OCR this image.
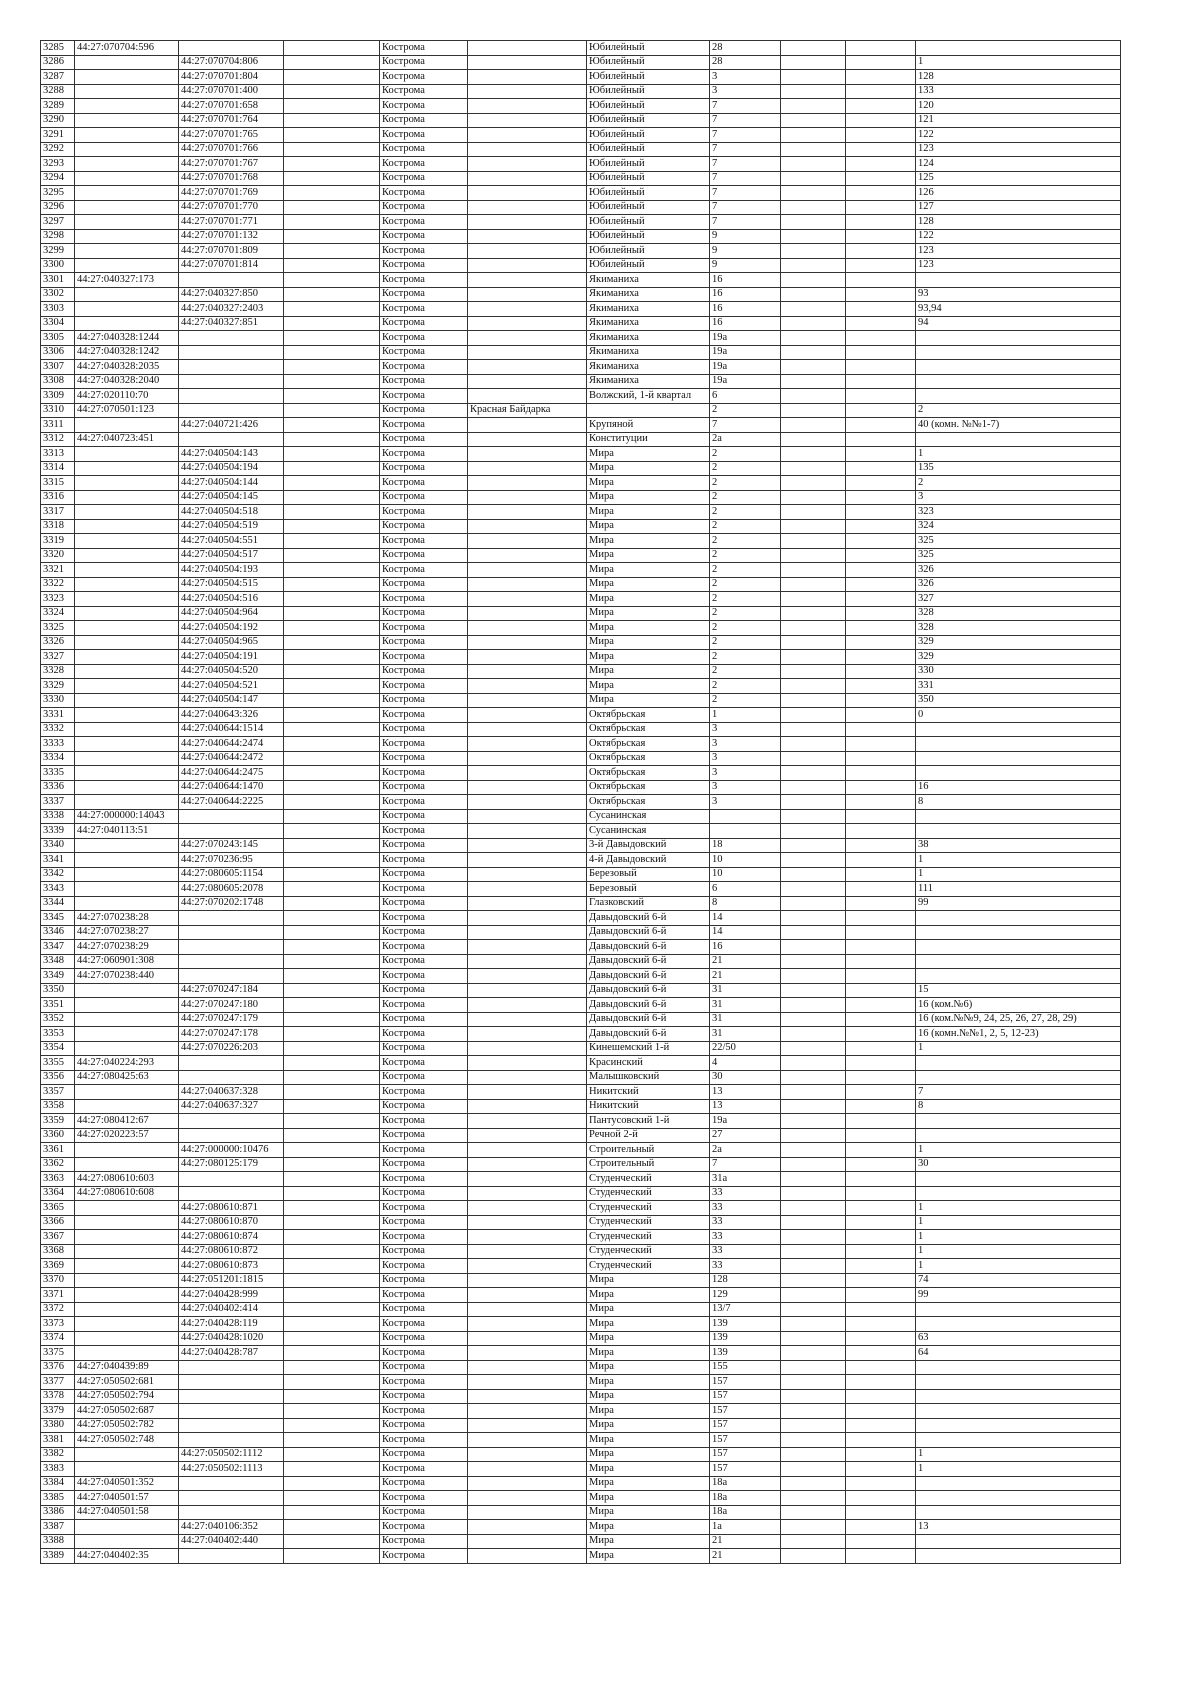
3285	44:27:070704:596			Кострома		Юбилейный	28			
3286		44:27:070704:806		Кострома		Юбилейный	28			1
3287		44:27:070701:804		Кострома		Юбилейный	3			128
3288		44:27:070701:400		Кострома		Юбилейный	3			133
3289		44:27:070701:658		Кострома		Юбилейный	7			120
3290		44:27:070701:764		Кострома		Юбилейный	7			121
3291		44:27:070701:765		Кострома		Юбилейный	7			122
3292		44:27:070701:766		Кострома		Юбилейный	7			123
3293		44:27:070701:767		Кострома		Юбилейный	7			124
3294		44:27:070701:768		Кострома		Юбилейный	7			125
3295		44:27:070701:769		Кострома		Юбилейный	7			126
3296		44:27:070701:770		Кострома		Юбилейный	7			127
3297		44:27:070701:771		Кострома		Юбилейный	7			128
3298		44:27:070701:132		Кострома		Юбилейный	9			122
3299		44:27:070701:809		Кострома		Юбилейный	9			123
3300		44:27:070701:814		Кострома		Юбилейный	9			123
3301	44:27:040327:173			Кострома		Якиманиха	16			
3302		44:27:040327:850		Кострома		Якиманиха	16			93
3303		44:27:040327:2403		Кострома		Якиманиха	16			93,94
3304		44:27:040327:851		Кострома		Якиманиха	16			94
3305	44:27:040328:1244			Кострома		Якиманиха	19а			
3306	44:27:040328:1242			Кострома		Якиманиха	19а			
3307	44:27:040328:2035			Кострома		Якиманиха	19а			
3308	44:27:040328:2040			Кострома		Якиманиха	19а			
3309	44:27:020110:70			Кострома		Волжский, 1-й квартал	6			
3310	44:27:070501:123			Кострома	Красная Байдарка		2			2
3311		44:27:040721:426		Кострома		Крупяной	7			40 (комн. №№1-7)
3312	44:27:040723:451			Кострома		Конституции	2а			
3313		44:27:040504:143		Кострома		Мира	2			1
3314		44:27:040504:194		Кострома		Мира	2			135
3315		44:27:040504:144		Кострома		Мира	2			2
3316		44:27:040504:145		Кострома		Мира	2			3
3317		44:27:040504:518		Кострома		Мира	2			323
3318		44:27:040504:519		Кострома		Мира	2			324
3319		44:27:040504:551		Кострома		Мира	2			325
3320		44:27:040504:517		Кострома		Мира	2			325
3321		44:27:040504:193		Кострома		Мира	2			326
3322		44:27:040504:515		Кострома		Мира	2			326
3323		44:27:040504:516		Кострома		Мира	2			327
3324		44:27:040504:964		Кострома		Мира	2			328
3325		44:27:040504:192		Кострома		Мира	2			328
3326		44:27:040504:965		Кострома		Мира	2			329
3327		44:27:040504:191		Кострома		Мира	2			329
3328		44:27:040504:520		Кострома		Мира	2			330
3329		44:27:040504:521		Кострома		Мира	2			331
3330		44:27:040504:147		Кострома		Мира	2			350
3331		44:27:040643:326		Кострома		Октябрьская	1			0
3332		44:27:040644:1514		Кострома		Октябрьская	3			
3333		44:27:040644:2474		Кострома		Октябрьская	3			
3334		44:27:040644:2472		Кострома		Октябрьская	3			
3335		44:27:040644:2475		Кострома		Октябрьская	3			
3336		44:27:040644:1470		Кострома		Октябрьская	3			16
3337		44:27:040644:2225		Кострома		Октябрьская	3			8
3338	44:27:000000:14043			Кострома		Сусанинская				
3339	44:27:040113:51			Кострома		Сусанинская				
3340		44:27:070243:145		Кострома		3-й Давыдовский	18			38
3341		44:27:070236:95		Кострома		4-й Давыдовский	10			1
3342		44:27:080605:1154		Кострома		Березовый	10			1
3343		44:27:080605:2078		Кострома		Березовый	6			111
3344		44:27:070202:1748		Кострома		Глазковский	8			99
3345	44:27:070238:28			Кострома		Давыдовский 6-й	14			
3346	44:27:070238:27			Кострома		Давыдовский 6-й	14			
3347	44:27:070238:29			Кострома		Давыдовский 6-й	16			
3348	44:27:060901:308			Кострома		Давыдовский 6-й	21			
3349	44:27:070238:440			Кострома		Давыдовский 6-й	21			
3350		44:27:070247:184		Кострома		Давыдовский 6-й	31			15
3351		44:27:070247:180		Кострома		Давыдовский 6-й	31			16 (ком.№6)
3352		44:27:070247:179		Кострома		Давыдовский 6-й	31			16 (ком.№№9, 24, 25, 26, 27, 28, 29)
3353		44:27:070247:178		Кострома		Давыдовский 6-й	31			16 (комн.№№1, 2, 5, 12-23)
3354		44:27:070226:203		Кострома		Кинешемский 1-й	22/50			1
3355	44:27:040224:293			Кострома		Красинский	4			
3356	44:27:080425:63			Кострома		Малышковский	30			
3357		44:27:040637:328		Кострома		Никитский	13			7
3358		44:27:040637:327		Кострома		Никитский	13			8
3359	44:27:080412:67			Кострома		Пантусовский 1-й	19а			
3360	44:27:020223:57			Кострома		Речной 2-й	27			
3361		44:27:000000:10476		Кострома		Строительный	2а			1
3362		44:27:080125:179		Кострома		Строительный	7			30
3363	44:27:080610:603			Кострома		Студенческий	31а			
3364	44:27:080610:608			Кострома		Студенческий	33			
3365		44:27:080610:871		Кострома		Студенческий	33			1
3366		44:27:080610:870		Кострома		Студенческий	33			1
3367		44:27:080610:874		Кострома		Студенческий	33			1
3368		44:27:080610:872		Кострома		Студенческий	33			1
3369		44:27:080610:873		Кострома		Студенческий	33			1
3370		44:27:051201:1815		Кострома		Мира	128			74
3371		44:27:040428:999		Кострома		Мира	129			99
3372		44:27:040402:414		Кострома		Мира	13/7			
3373		44:27:040428:119		Кострома		Мира	139			
3374		44:27:040428:1020		Кострома		Мира	139			63
3375		44:27:040428:787		Кострома		Мира	139			64
3376	44:27:040439:89			Кострома		Мира	155			
3377	44:27:050502:681			Кострома		Мира	157			
3378	44:27:050502:794			Кострома		Мира	157			
3379	44:27:050502:687			Кострома		Мира	157			
3380	44:27:050502:782			Кострома		Мира	157			
3381	44:27:050502:748			Кострома		Мира	157			
3382		44:27:050502:1112		Кострома		Мира	157			1
3383		44:27:050502:1113		Кострома		Мира	157			1
3384	44:27:040501:352			Кострома		Мира	18а			
3385	44:27:040501:57			Кострома		Мира	18а			
3386	44:27:040501:58			Кострома		Мира	18а			
3387		44:27:040106:352		Кострома		Мира	1а			13
3388		44:27:040402:440		Кострома		Мира	21			
3389	44:27:040402:35			Кострома		Мира	21			
